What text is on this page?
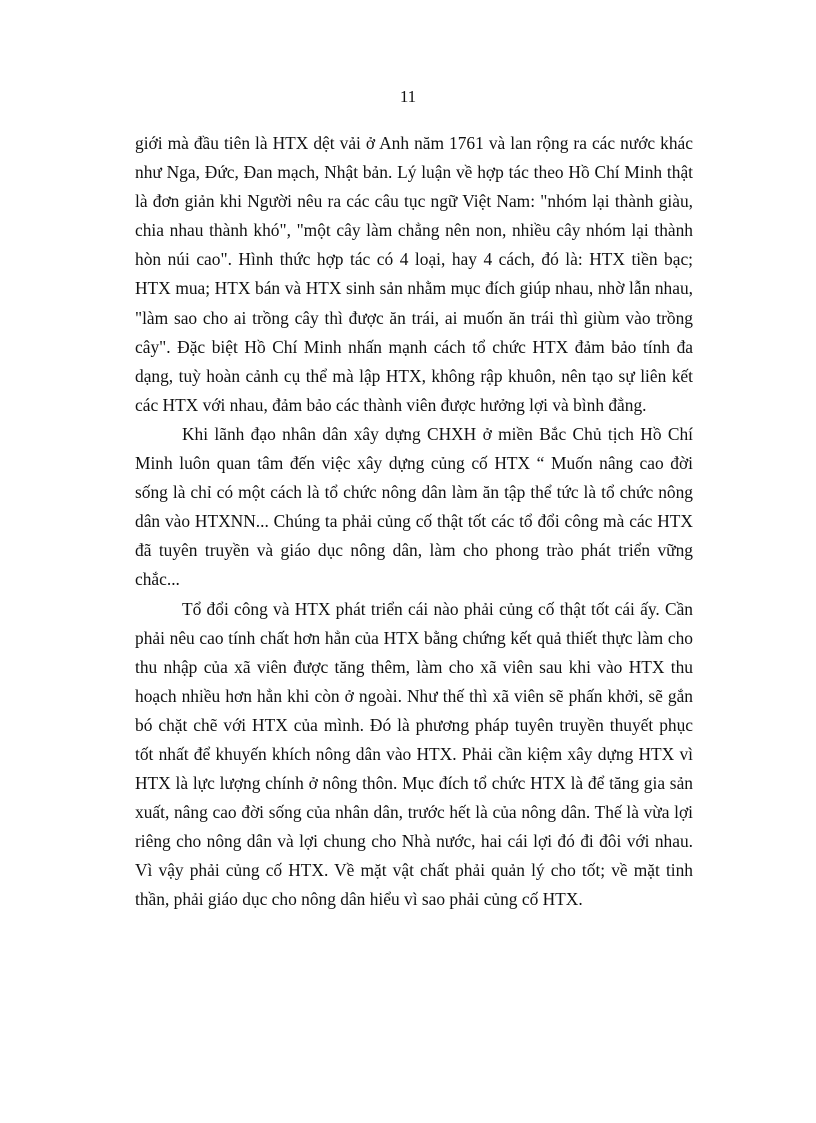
11

giới mà đầu tiên là HTX dệt vải ở Anh năm 1761 và lan rộng ra các nước khác như Nga, Đức, Đan mạch, Nhật bản. Lý luận về hợp tác theo Hồ Chí Minh thật là đơn giản khi Người nêu ra các câu tục ngữ Việt Nam: "nhóm lại thành giàu, chia nhau thành khó", "một cây làm chẳng nên non, nhiều cây nhóm lại thành hòn núi cao". Hình thức hợp tác có 4 loại, hay 4 cách, đó là: HTX tiền bạc; HTX mua; HTX bán và HTX sinh sản nhằm mục đích giúp nhau, nhờ lẫn nhau, "làm sao cho ai trồng cây thì được ăn trái, ai muốn ăn trái thì giùm vào trồng cây". Đặc biệt Hồ Chí Minh nhấn mạnh cách tổ chức HTX đảm bảo tính đa dạng, tuỳ hoàn cảnh cụ thể mà lập HTX, không rập khuôn, nên tạo sự liên kết các HTX với nhau, đảm bảo các thành viên được hưởng lợi và bình đẳng.

Khi lãnh đạo nhân dân xây dựng CHXH ở miền Bắc Chủ tịch Hồ Chí Minh luôn quan tâm đến việc xây dựng củng cố HTX “ Muốn nâng cao đời sống là chỉ có một cách là tổ chức nông dân làm ăn tập thể tức là tổ chức nông dân vào HTXNN... Chúng ta phải củng cố thật tốt các tổ đổi công mà các HTX đã tuyên truyền và giáo dục nông dân, làm cho phong trào phát triển vững chắc...

Tổ đổi công và HTX phát triển cái nào phải củng cố thật tốt cái ấy. Cần phải nêu cao tính chất hơn hẳn của HTX bằng chứng kết quả thiết thực làm cho thu nhập của xã viên được tăng thêm, làm cho xã viên sau khi vào HTX thu hoạch nhiều hơn hẳn khi còn ở ngoài. Như thế thì xã viên sẽ phấn khởi, sẽ gắn bó chặt chẽ với HTX của mình. Đó là phương pháp tuyên truyền thuyết phục tốt nhất để khuyến khích nông dân vào HTX. Phải cần kiệm xây dựng HTX vì HTX là lực lượng chính ở nông thôn. Mục đích tổ chức HTX là để tăng gia sản xuất, nâng cao đời sống của nhân dân, trước hết là của nông dân. Thế là vừa lợi riêng cho nông dân và lợi chung cho Nhà nước, hai cái lợi đó đi đôi với nhau. Vì vậy phải củng cố HTX. Về mặt vật chất phải quản lý cho tốt; về mặt tinh thần, phải giáo dục cho nông dân hiểu vì sao phải củng cố HTX.
